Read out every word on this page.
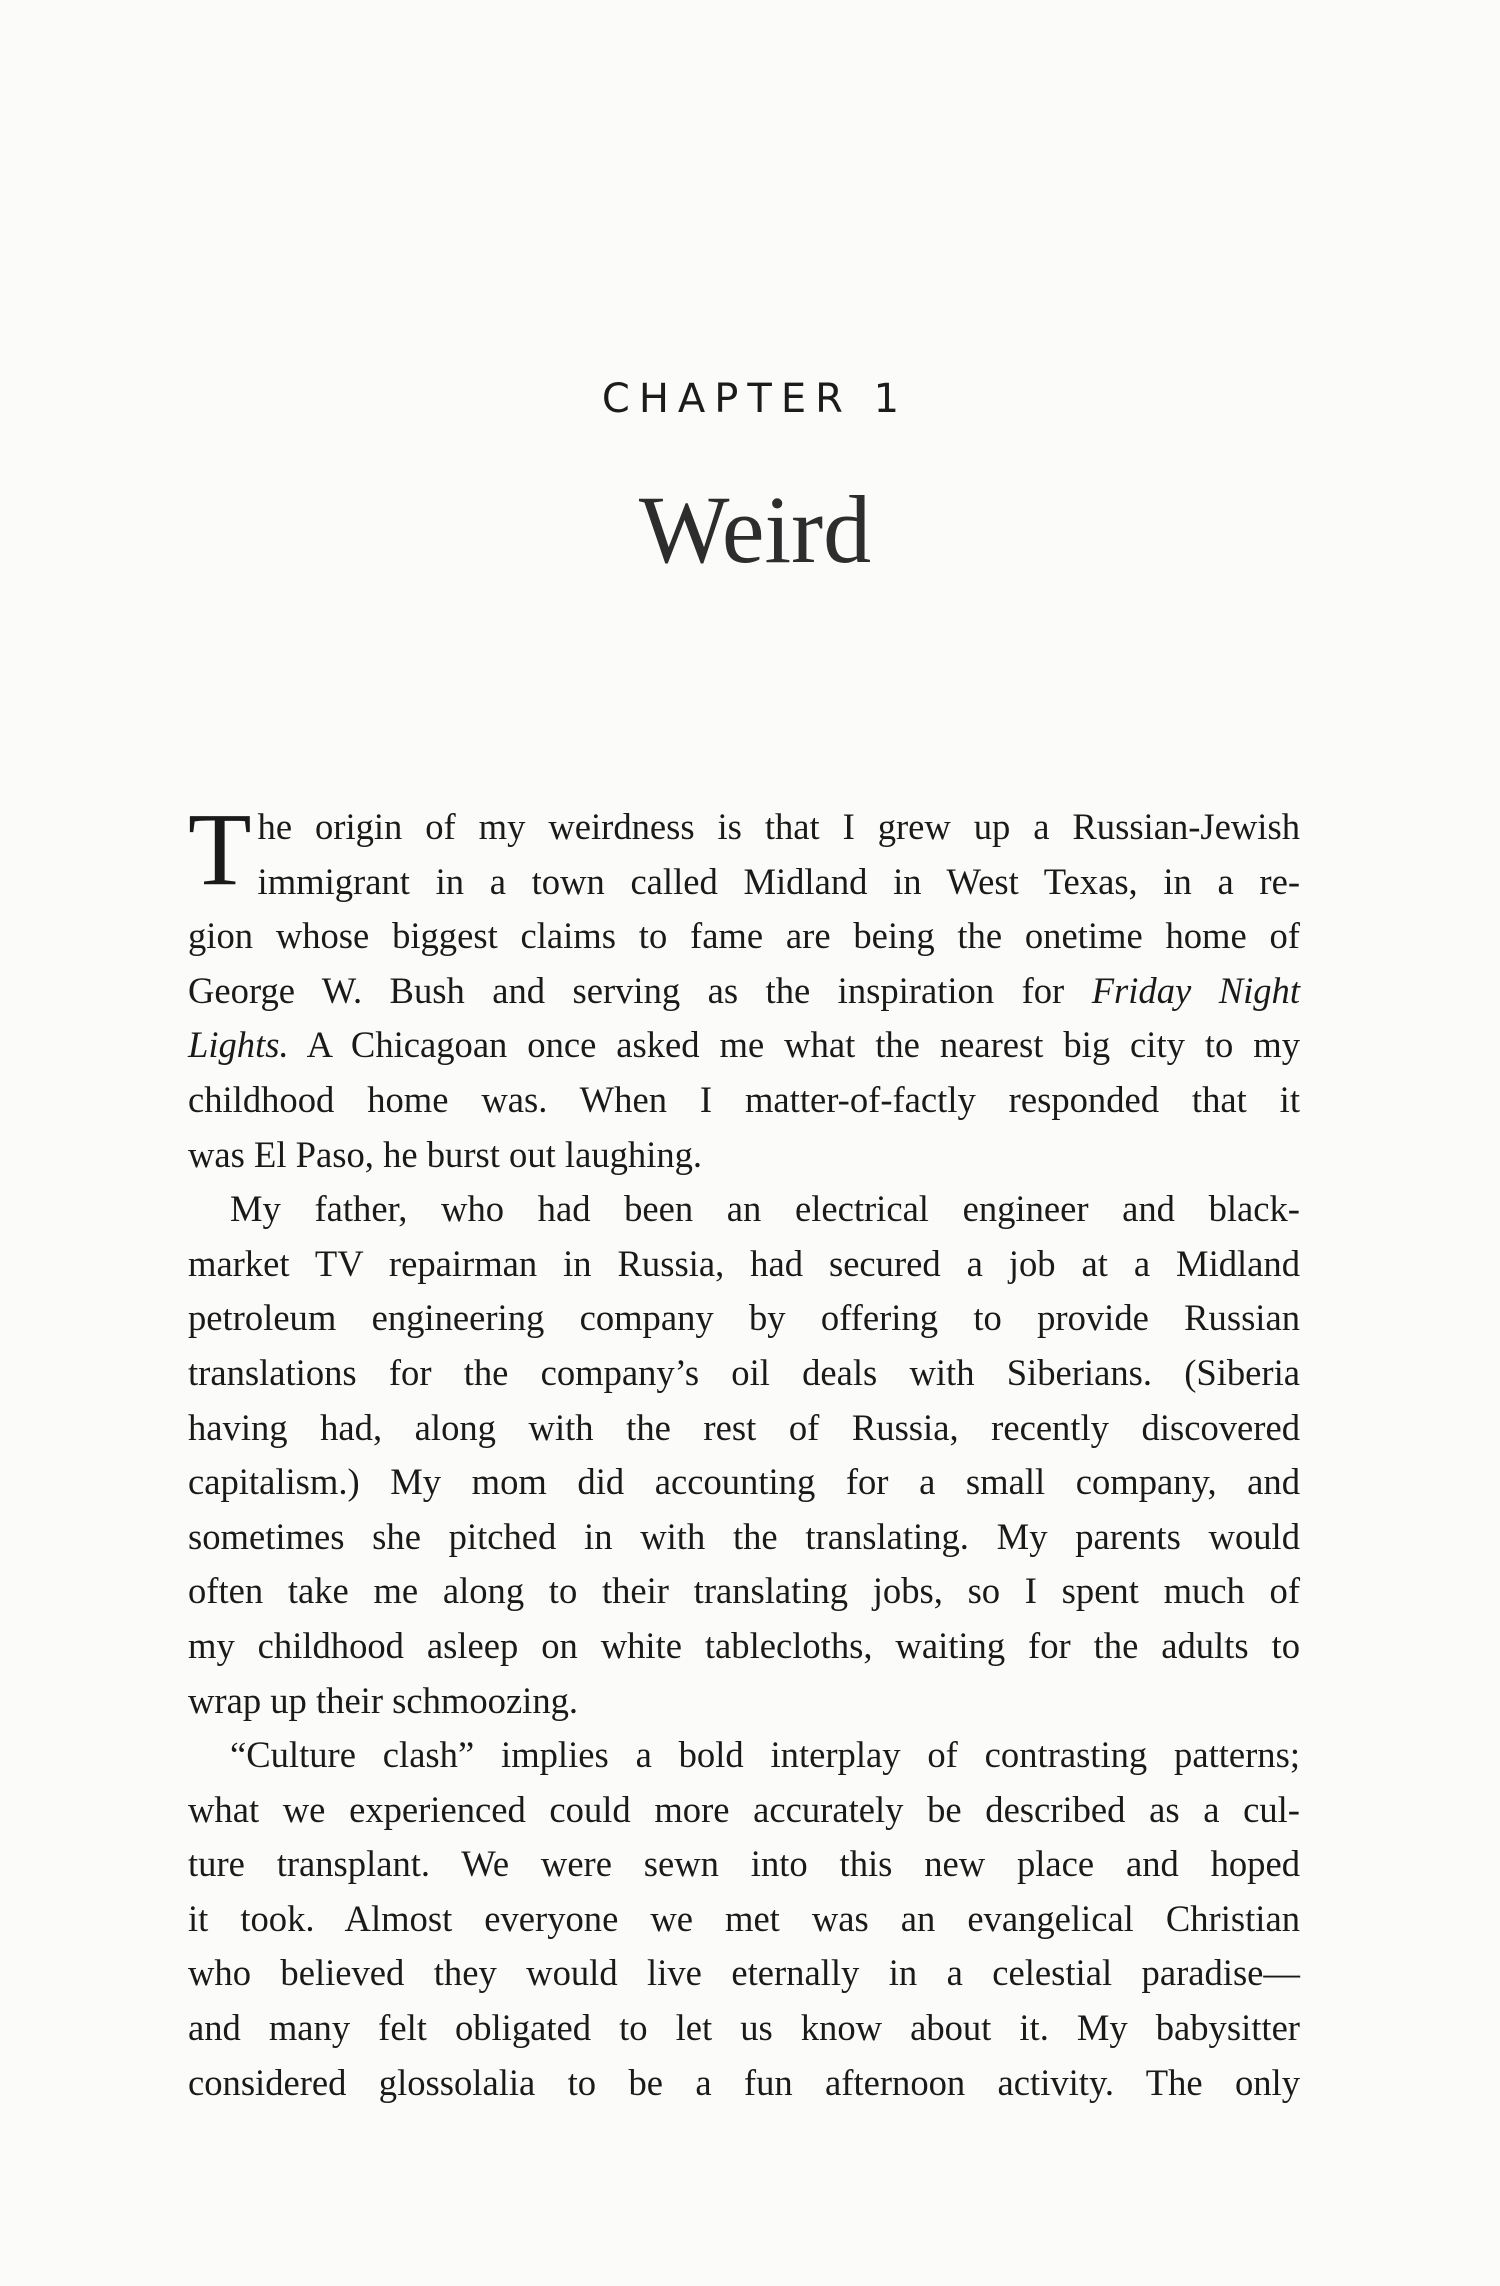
CHAPTER 1
Weird
T he origin of my weirdness is that I grew up a Russian-Jewish
immigrant in a town called Midland in West Texas, in a re-
gion whose biggest claims to fame are being the onetime home of
George W. Bush and serving as the inspiration for Friday Night
Lights. A Chicagoan once asked me what the nearest big city to my
childhood home was. When I matter-of-factly responded that it
was El Paso, he burst out laughing.
My father, who had been an electrical engineer and black-
market TV repairman in Russia, had secured a job at a Midland
petroleum engineering company by offering to provide Russian
translations for the company’s oil deals with Siberians. (Siberia
having had, along with the rest of Russia, recently discovered
capitalism.) My mom did accounting for a small company, and
sometimes she pitched in with the translating. My parents would
often take me along to their translating jobs, so I spent much of
my childhood asleep on white tablecloths, waiting for the adults to
wrap up their schmoozing.
“Culture clash” implies a bold interplay of contrasting patterns;
what we experienced could more accurately be described as a cul-
ture transplant. We were sewn into this new place and hoped
it took. Almost everyone we met was an evangelical Christian
who believed they would live eternally in a celestial paradise—
and many felt obligated to let us know about it. My babysitter
considered glossolalia to be a fun afternoon activity. The only
